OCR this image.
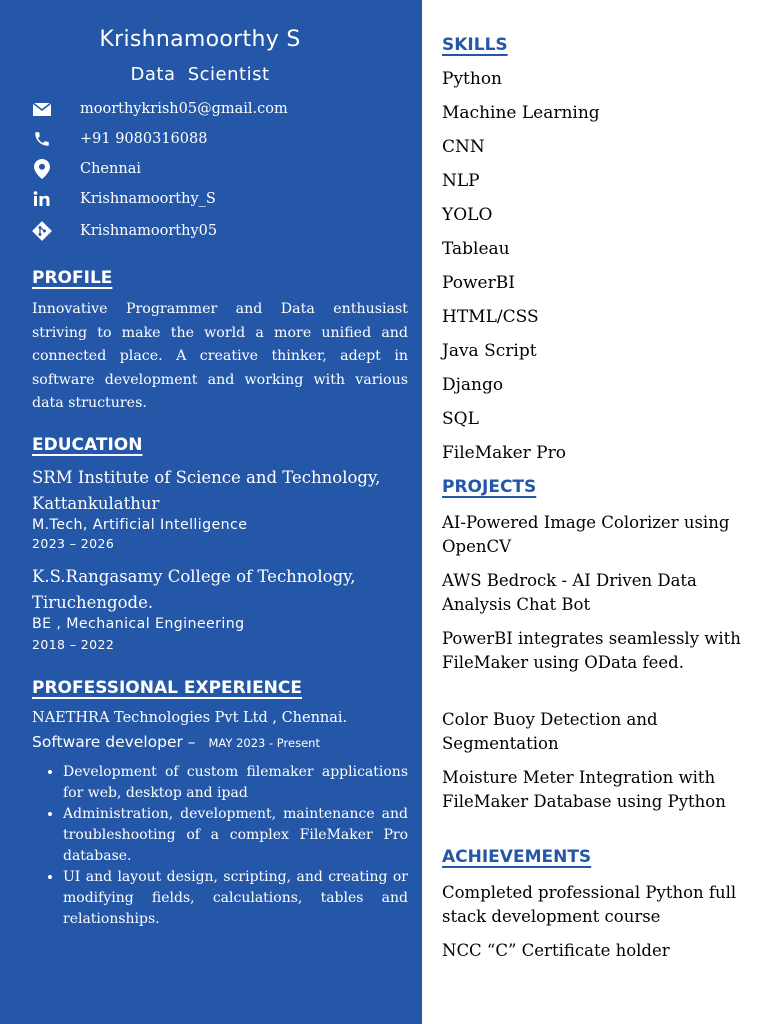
Krishnamoorthy S
Data Scientist
moorthykrish05@gmail.com
+91 9080316088
Chennai
Krishnamoorthy_S
Krishnamoorthy05
PROFILE
Innovative Programmer and Data enthusiast striving to make the world a more unified and connected place. A creative thinker, adept in software development and working with various data structures.
EDUCATION
SRM Institute of Science and Technology, Kattankulathur
M.Tech, Artificial Intelligence
2023 – 2026
K.S.Rangasamy College of Technology, Tiruchengode.
BE , Mechanical Engineering
2018 – 2022
PROFESSIONAL EXPERIENCE
NAETHRA Technologies Pvt Ltd , Chennai.
Software developer – MAY 2023 - Present
• Development of custom filemaker applications for web, desktop and ipad
• Administration, development, maintenance and troubleshooting of a complex FileMaker Pro database.
• UI and layout design, scripting, and creating or modifying fields, calculations, tables and relationships.
SKILLS
Python
Machine Learning
CNN
NLP
YOLO
Tableau
PowerBI
HTML/CSS
Java Script
Django
SQL
FileMaker Pro
PROJECTS
AI-Powered Image Colorizer using OpenCV
AWS Bedrock - AI Driven Data Analysis Chat Bot
PowerBI integrates seamlessly with FileMaker using OData feed.
Color Buoy Detection and Segmentation
Moisture Meter Integration with FileMaker Database using Python
ACHIEVEMENTS
Completed professional Python full stack development course
NCC “C” Certificate holder
